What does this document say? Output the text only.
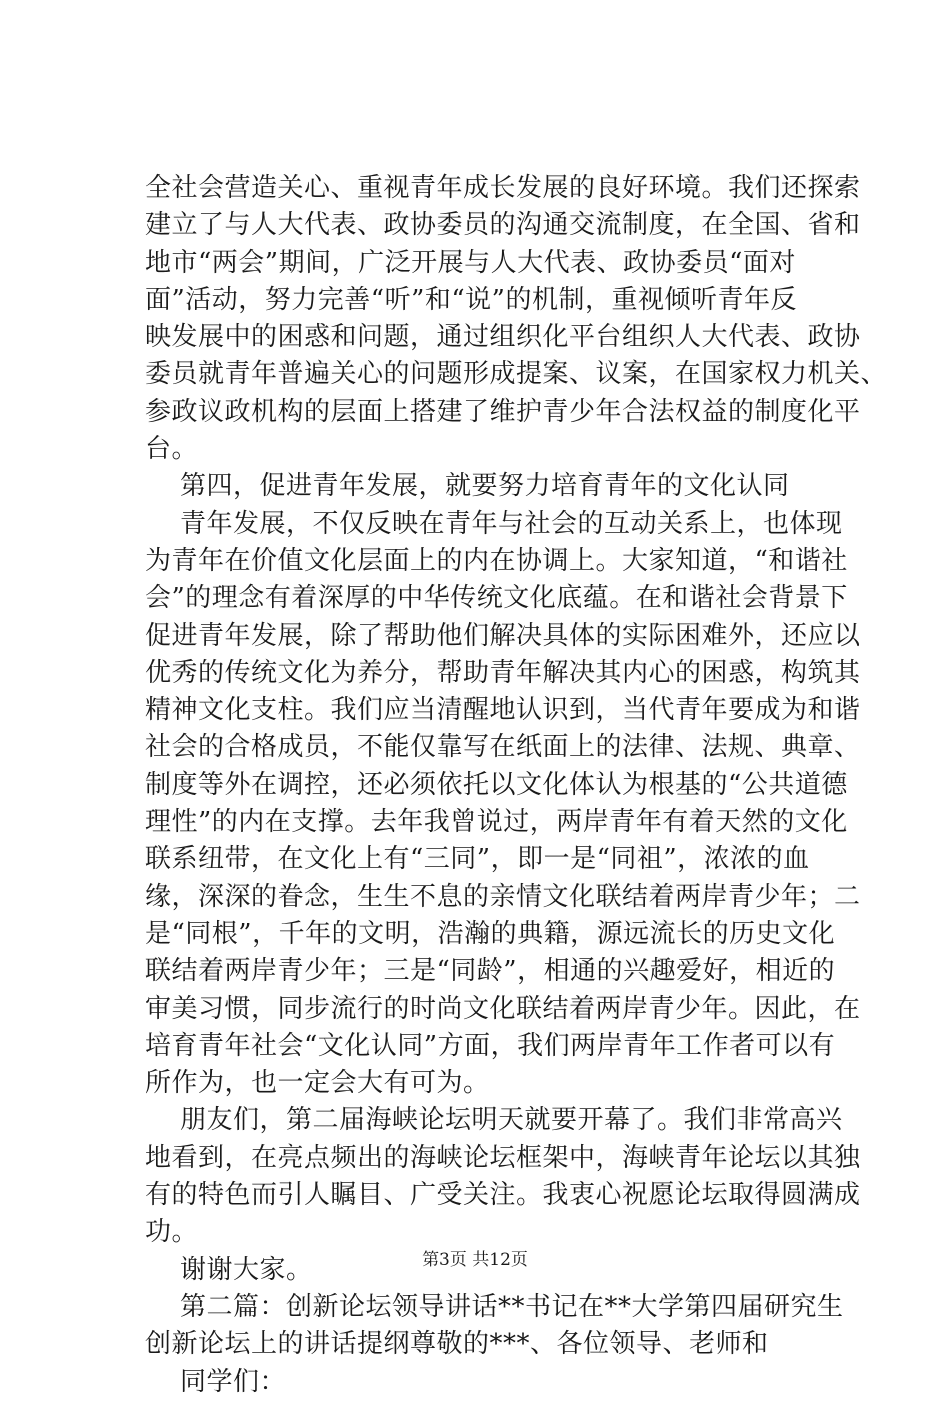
全社会营造关心、重视青年成长发展的良好环境。我们还探索
建立了与人大代表、政协委员的沟通交流制度，在全国、省和
地市“两会”期间，广泛开展与人大代表、政协委员“面对
面”活动，努力完善“听”和“说”的机制，重视倾听青年反
映发展中的困惑和问题，通过组织化平台组织人大代表、政协
委员就青年普遍关心的问题形成提案、议案，在国家权力机关、
参政议政机构的层面上搭建了维护青少年合法权益的制度化平
台。
第四，促进青年发展，就要努力培育青年的文化认同
青年发展，不仅反映在青年与社会的互动关系上，也体现
为青年在价值文化层面上的内在协调上。大家知道，“和谐社
会”的理念有着深厚的中华传统文化底蕴。在和谐社会背景下
促进青年发展，除了帮助他们解决具体的实际困难外，还应以
优秀的传统文化为养分，帮助青年解决其内心的困惑，构筑其
精神文化支柱。我们应当清醒地认识到，当代青年要成为和谐
社会的合格成员，不能仅靠写在纸面上的法律、法规、典章、
制度等外在调控，还必须依托以文化体认为根基的“公共道德
理性”的内在支撑。去年我曾说过，两岸青年有着天然的文化
联系纽带，在文化上有“三同”，即一是“同祖”，浓浓的血
缘，深深的眷念，生生不息的亲情文化联结着两岸青少年；二
是“同根”，千年的文明，浩瀚的典籍，源远流长的历史文化
联结着两岸青少年；三是“同龄”，相通的兴趣爱好，相近的
审美习惯，同步流行的时尚文化联结着两岸青少年。因此，在
培育青年社会“文化认同”方面，我们两岸青年工作者可以有
所作为，也一定会大有可为。
朋友们，第二届海峡论坛明天就要开幕了。我们非常高兴
地看到，在亮点频出的海峡论坛框架中，海峡青年论坛以其独
有的特色而引人瞩目、广受关注。我衷心祝愿论坛取得圆满成
功。
谢谢大家。
第二篇：创新论坛领导讲话**书记在**大学第四届研究生
创新论坛上的讲话提纲尊敬的***、各位领导、老师和
同学们：
第3页 共12页
